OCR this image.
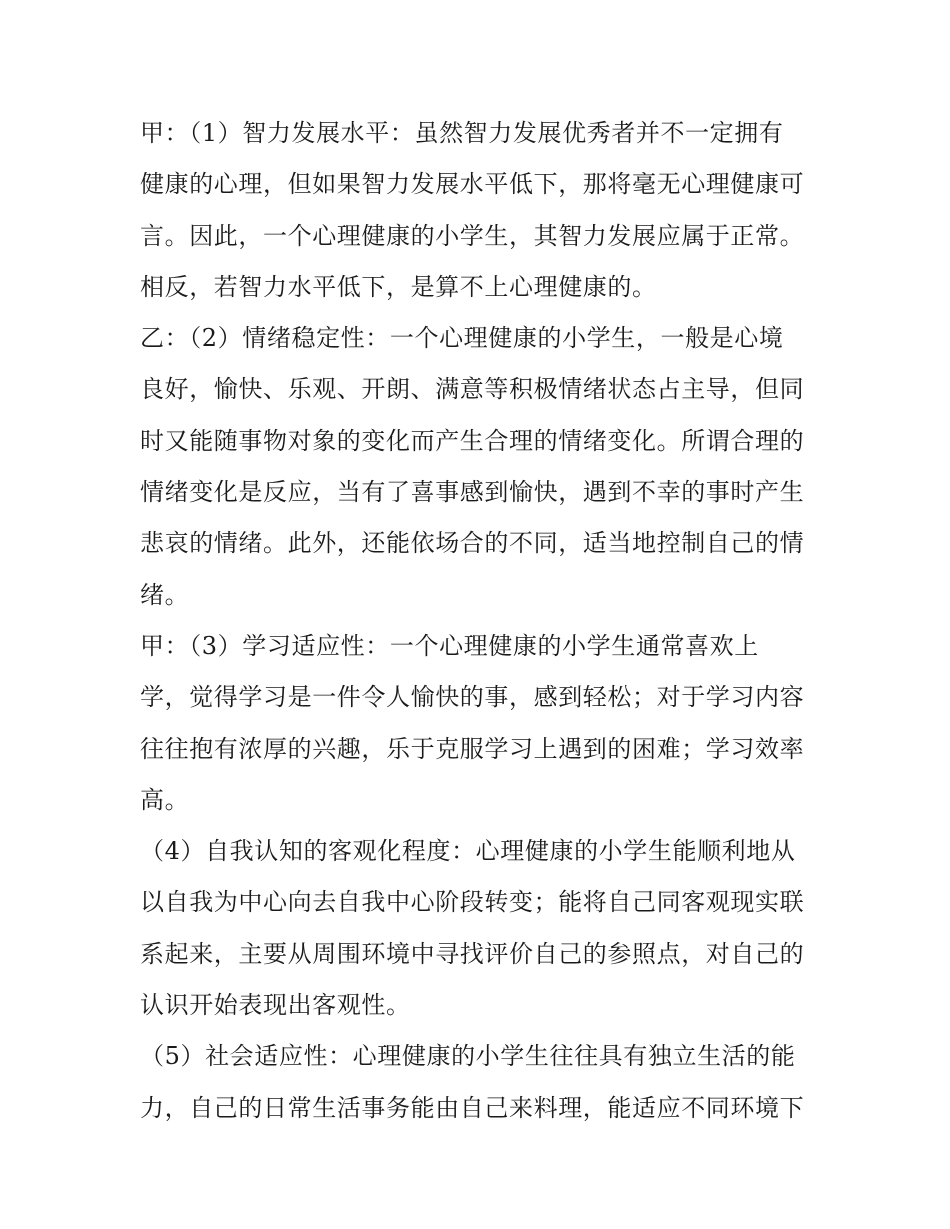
甲：（1）智力发展水平：虽然智力发展优秀者并不一定拥有
健康的心理，但如果智力发展水平低下，那将毫无心理健康可
言。因此，一个心理健康的小学生，其智力发展应属于正常。
相反，若智力水平低下，是算不上心理健康的。
乙：（2）情绪稳定性：一个心理健康的小学生，一般是心境
良好，愉快、乐观、开朗、满意等积极情绪状态占主导，但同
时又能随事物对象的变化而产生合理的情绪变化。所谓合理的
情绪变化是反应，当有了喜事感到愉快，遇到不幸的事时产生
悲哀的情绪。此外，还能依场合的不同，适当地控制自己的情
绪。
甲：（3）学习适应性：一个心理健康的小学生通常喜欢上
学，觉得学习是一件令人愉快的事，感到轻松；对于学习内容
往往抱有浓厚的兴趣，乐于克服学习上遇到的困难；学习效率
高。
（4）自我认知的客观化程度：心理健康的小学生能顺利地从
以自我为中心向去自我中心阶段转变；能将自己同客观现实联
系起来，主要从周围环境中寻找评价自己的参照点，对自己的
认识开始表现出客观性。
（5）社会适应性：心理健康的小学生往往具有独立生活的能
力，自己的日常生活事务能由自己来料理，能适应不同环境下
